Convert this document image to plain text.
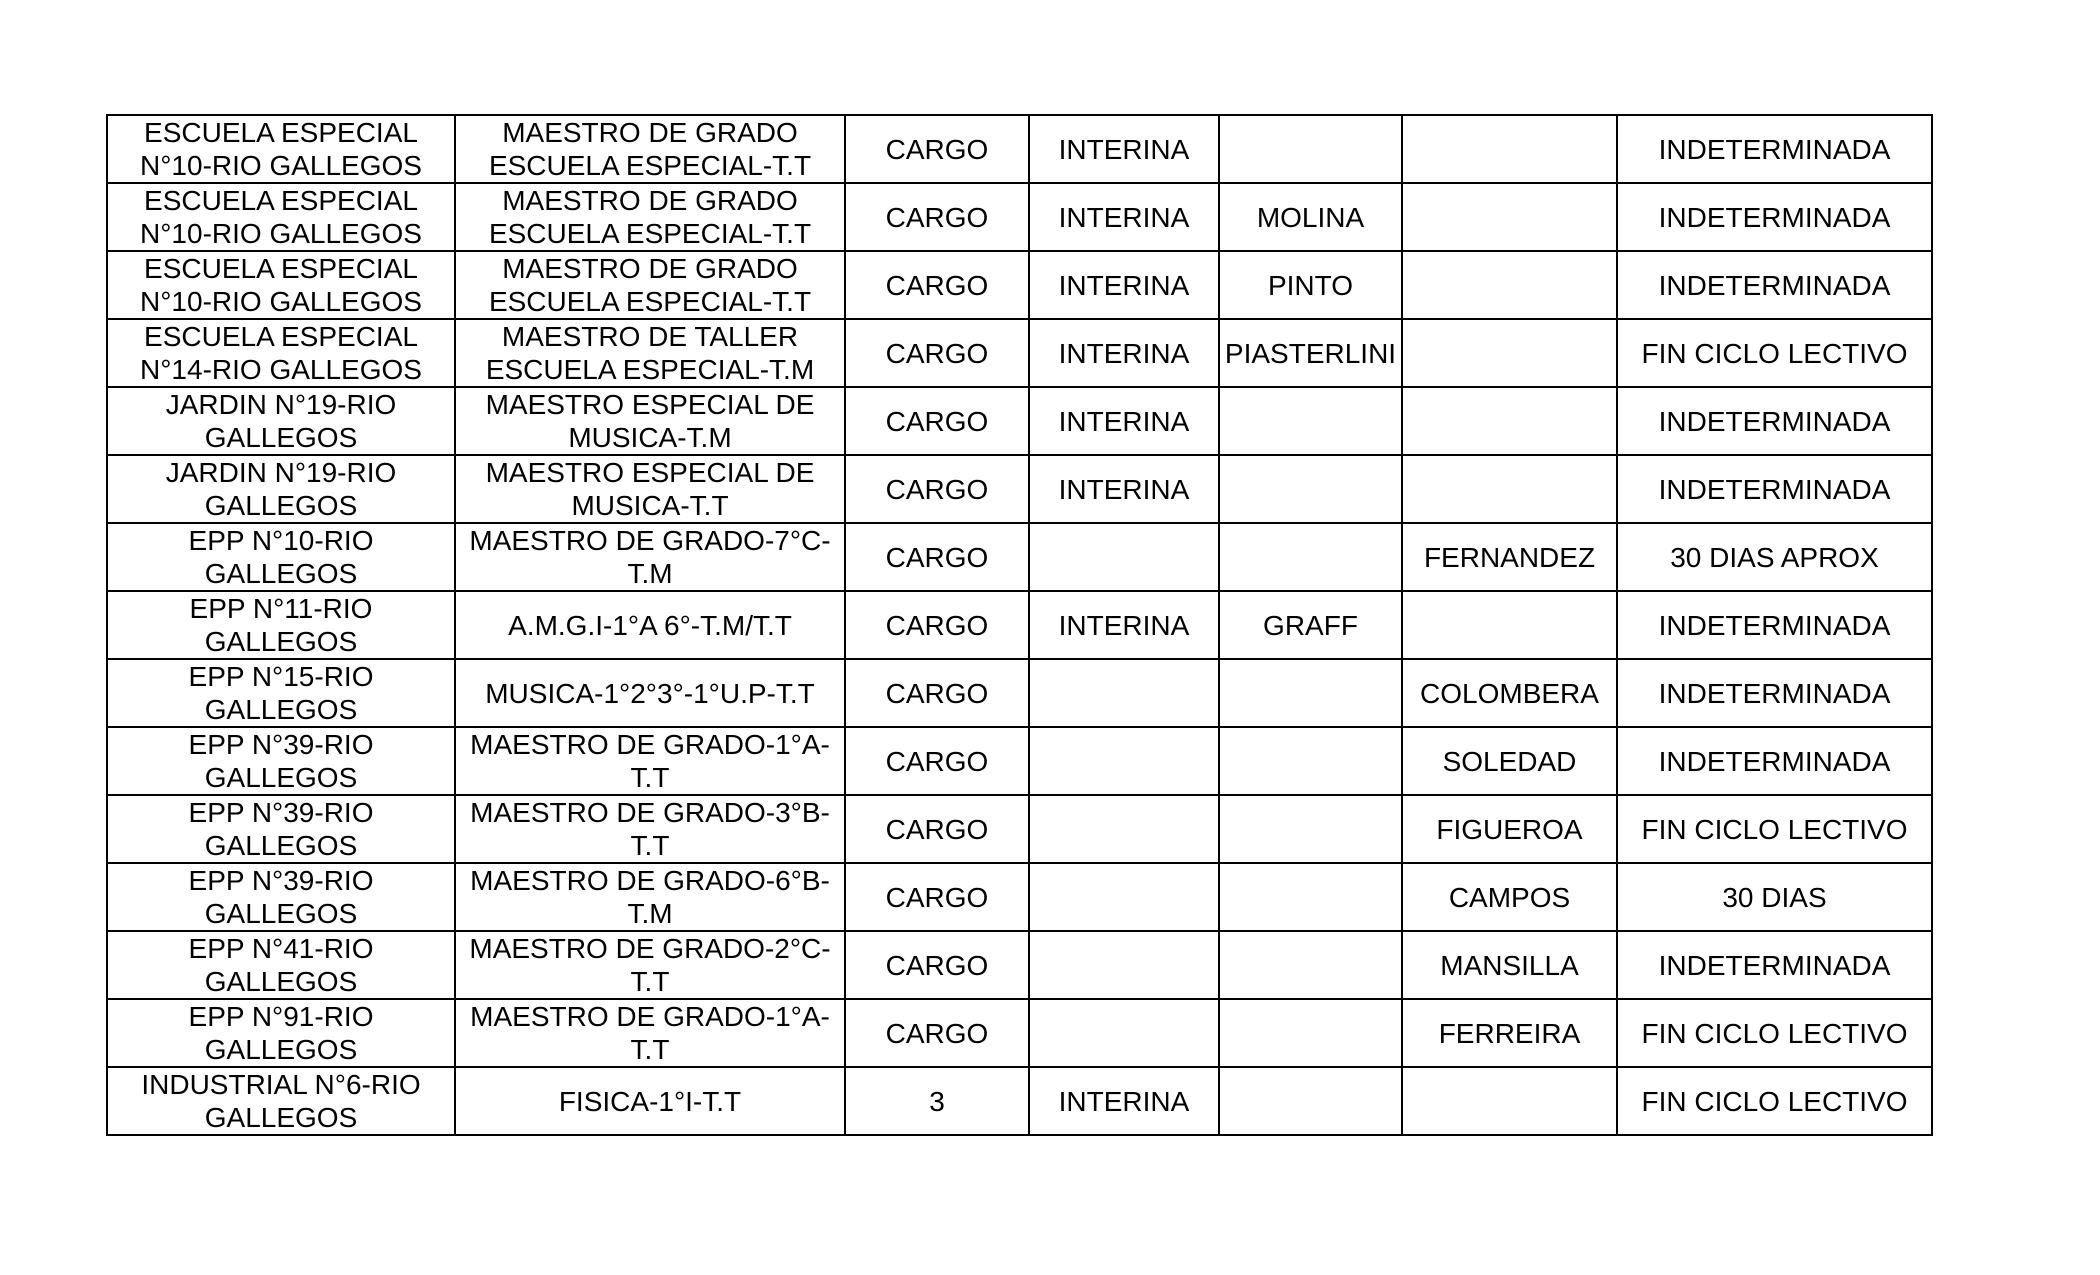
ESCUELA ESPECIAL N°10-RIO GALLEGOS	MAESTRO DE GRADO ESCUELA ESPECIAL-T.T	CARGO	INTERINA			INDETERMINADA
ESCUELA ESPECIAL N°10-RIO GALLEGOS	MAESTRO DE GRADO ESCUELA ESPECIAL-T.T	CARGO	INTERINA	MOLINA		INDETERMINADA
ESCUELA ESPECIAL N°10-RIO GALLEGOS	MAESTRO DE GRADO ESCUELA ESPECIAL-T.T	CARGO	INTERINA	PINTO		INDETERMINADA
ESCUELA ESPECIAL N°14-RIO GALLEGOS	MAESTRO DE TALLER ESCUELA ESPECIAL-T.M	CARGO	INTERINA	PIASTERLINI		FIN CICLO LECTIVO
JARDIN N°19-RIO GALLEGOS	MAESTRO ESPECIAL DE MUSICA-T.M	CARGO	INTERINA			INDETERMINADA
JARDIN N°19-RIO GALLEGOS	MAESTRO ESPECIAL DE MUSICA-T.T	CARGO	INTERINA			INDETERMINADA
EPP N°10-RIO GALLEGOS	MAESTRO DE GRADO-7°C-T.M	CARGO			FERNANDEZ	30 DIAS APROX
EPP N°11-RIO GALLEGOS	A.M.G.I-1°A 6°-T.M/T.T	CARGO	INTERINA	GRAFF		INDETERMINADA
EPP N°15-RIO GALLEGOS	MUSICA-1°2°3°-1°U.P-T.T	CARGO			COLOMBERA	INDETERMINADA
EPP N°39-RIO GALLEGOS	MAESTRO DE GRADO-1°A-T.T	CARGO			SOLEDAD	INDETERMINADA
EPP N°39-RIO GALLEGOS	MAESTRO DE GRADO-3°B-T.T	CARGO			FIGUEROA	FIN CICLO LECTIVO
EPP N°39-RIO GALLEGOS	MAESTRO DE GRADO-6°B-T.M	CARGO			CAMPOS	30 DIAS
EPP N°41-RIO GALLEGOS	MAESTRO DE GRADO-2°C-T.T	CARGO			MANSILLA	INDETERMINADA
EPP N°91-RIO GALLEGOS	MAESTRO DE GRADO-1°A-T.T	CARGO			FERREIRA	FIN CICLO LECTIVO
INDUSTRIAL N°6-RIO GALLEGOS	FISICA-1°I-T.T	3	INTERINA			FIN CICLO LECTIVO
